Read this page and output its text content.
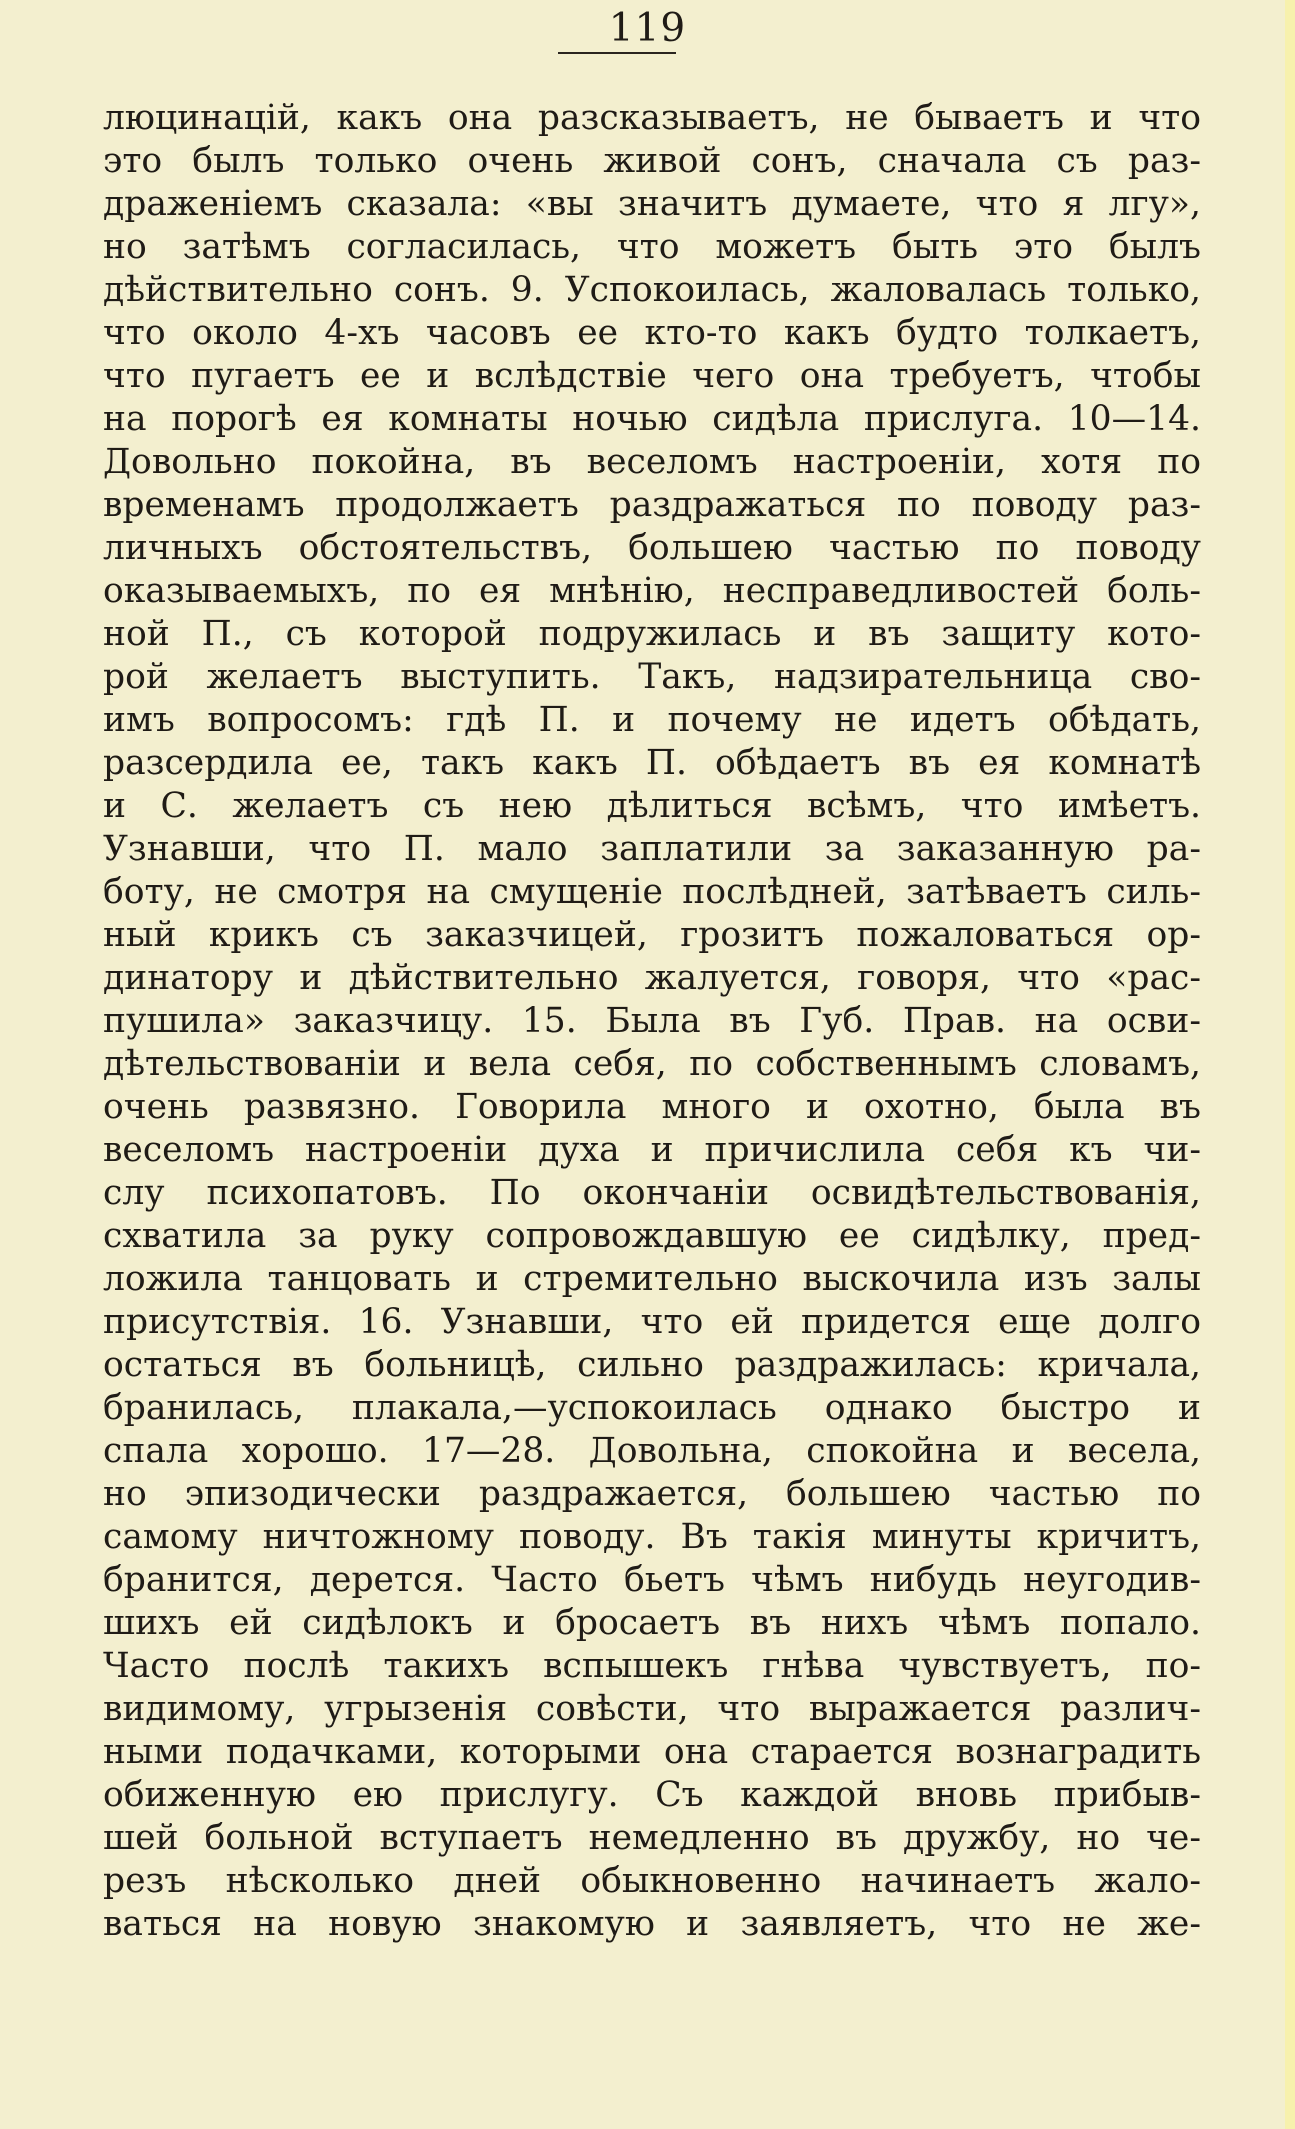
119
люцинацій, какъ она разсказываетъ, не бываетъ и что
это былъ только очень живой сонъ, сначала съ раз-
драженіемъ сказала: «вы значитъ думаете, что я лгу»,
но затѣмъ согласилась, что можетъ быть это былъ
дѣйствительно сонъ. 9. Успокоилась, жаловалась только,
что около 4-хъ часовъ ее кто-то какъ будто толкаетъ,
что пугаетъ ее и вслѣдствіе чего она требуетъ, чтобы
на порогѣ ея комнаты ночью сидѣла прислуга. 10—14.
Довольно покойна, въ веселомъ настроеніи, хотя по
временамъ продолжаетъ раздражаться по поводу раз-
личныхъ обстоятельствъ, большею частью по поводу
оказываемыхъ, по ея мнѣнію, несправедливостей боль-
ной П., съ которой подружилась и въ защиту кото-
рой желаетъ выступить. Такъ, надзирательница сво-
имъ вопросомъ: гдѣ П. и почему не идетъ обѣдать,
разсердила ее, такъ какъ П. обѣдаетъ въ ея комнатѣ
и С. желаетъ съ нею дѣлиться всѣмъ, что имѣетъ.
Узнавши, что П. мало заплатили за заказанную ра-
боту, не смотря на смущеніе послѣдней, затѣваетъ силь-
ный крикъ съ заказчицей, грозитъ пожаловаться ор-
динатору и дѣйствительно жалуется, говоря, что «рас-
пушила» заказчицу. 15. Была въ Губ. Прав. на осви-
дѣтельствованіи и вела себя, по собственнымъ словамъ,
очень развязно. Говорила много и охотно, была въ
веселомъ настроеніи духа и причислила себя къ чи-
слу психопатовъ. По окончаніи освидѣтельствованія,
схватила за руку сопровождавшую ее сидѣлку, пред-
ложила танцовать и стремительно выскочила изъ залы
присутствія. 16. Узнавши, что ей придется еще долго
остаться въ больницѣ, сильно раздражилась: кричала,
бранилась, плакала,—успокоилась однако быстро и
спала хорошо. 17—28. Довольна, спокойна и весела,
но эпизодически раздражается, большею частью по
самому ничтожному поводу. Въ такія минуты кричитъ,
бранится, дерется. Часто бьетъ чѣмъ нибудь неугодив-
шихъ ей сидѣлокъ и бросаетъ въ нихъ чѣмъ попало.
Часто послѣ такихъ вспышекъ гнѣва чувствуетъ, по-
видимому, угрызенія совѣсти, что выражается различ-
ными подачками, которыми она старается вознаградить
обиженную ею прислугу. Съ каждой вновь прибыв-
шей больной вступаетъ немедленно въ дружбу, но че-
резъ нѣсколько дней обыкновенно начинаетъ жало-
ваться на новую знакомую и заявляетъ, что не же-
